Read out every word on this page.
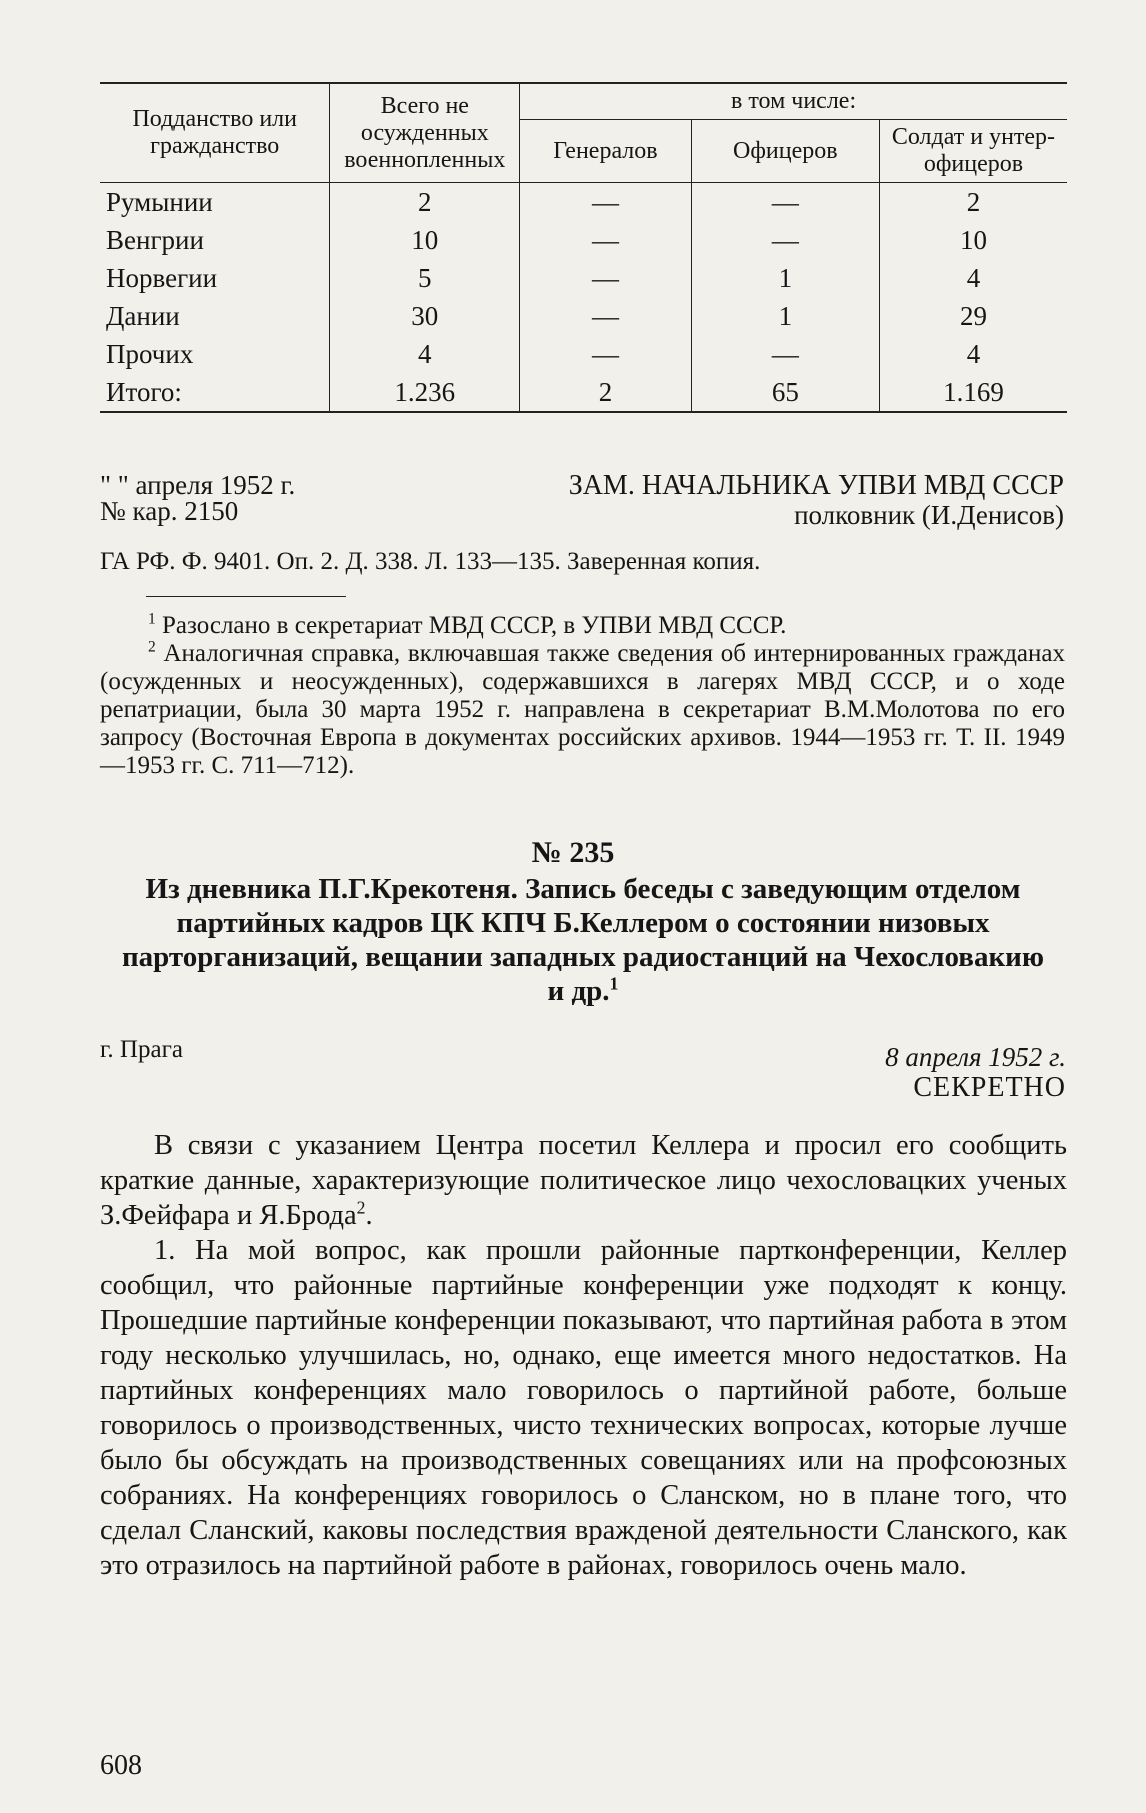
Подданство или гражданство	Всего не осужденных военнопленных	в том числе:		
		Генералов	Офицеров	Солдат и унтер-офицеров
Румынии	2	—	—	2
Венгрии	10	—	—	10
Норвегии	5	—	1	4
Дании	30	—	1	29
Прочих	4	—	—	4
Итого:	1.236	2	65	1.169
" " апреля 1952 г.
№ кар. 2150
ЗАМ. НАЧАЛЬНИКА УПВИ МВД СССР
полковник (И.Денисов)
ГА РФ. Ф. 9401. Оп. 2. Д. 338. Л. 133—135. Заверенная копия.

$^1$ Разослано в секретариат МВД СССР, в УПВИ МВД СССР.

$^2$ Аналогичная справка, включавшая также сведения об интернированных гражданах (осужденных и неосужденных), содержавшихся в лагерях МВД СССР, и о ходе репатриации, была 30 марта 1952 г. направлена в секретариат В.М.Молотова по его запросу (Восточная Европа в документах российских архивов. 1944—1953 гг. Т. II. 1949—1953 гг. С. 711—712).

№ 235
Из дневника П.Г.Крекотеня. Запись беседы с заведующим отделом партийных кадров ЦК КПЧ Б.Келлером о состоянии низовых парторганизаций, вещании западных радиостанций на Чехословакию и др.$^1$
г. Прага	8 апреля 1952 г.
СЕКРЕТНО

В связи с указанием Центра посетил Келлера и просил его сообщить краткие данные, характеризующие политическое лицо чехословацких ученых З.Фейфара и Я.Брода$^2$.

1. На мой вопрос, как прошли районные партконференции, Келлер сообщил, что районные партийные конференции уже подходят к концу. Прошедшие партийные конференции показывают, что партийная работа в этом году несколько улучшилась, но, однако, еще имеется много недостатков. На партийных конференциях мало говорилось о партийной работе, больше говорилось о производственных, чисто технических вопросах, которые лучше было бы обсуждать на производственных совещаниях или на профсоюзных собраниях. На конференциях говорилось о Сланском, но в плане того, что сделал Сланский, каковы последствия вражденой деятельности Сланского, как это отразилось на партийной работе в районах, говорилось очень мало.

608
